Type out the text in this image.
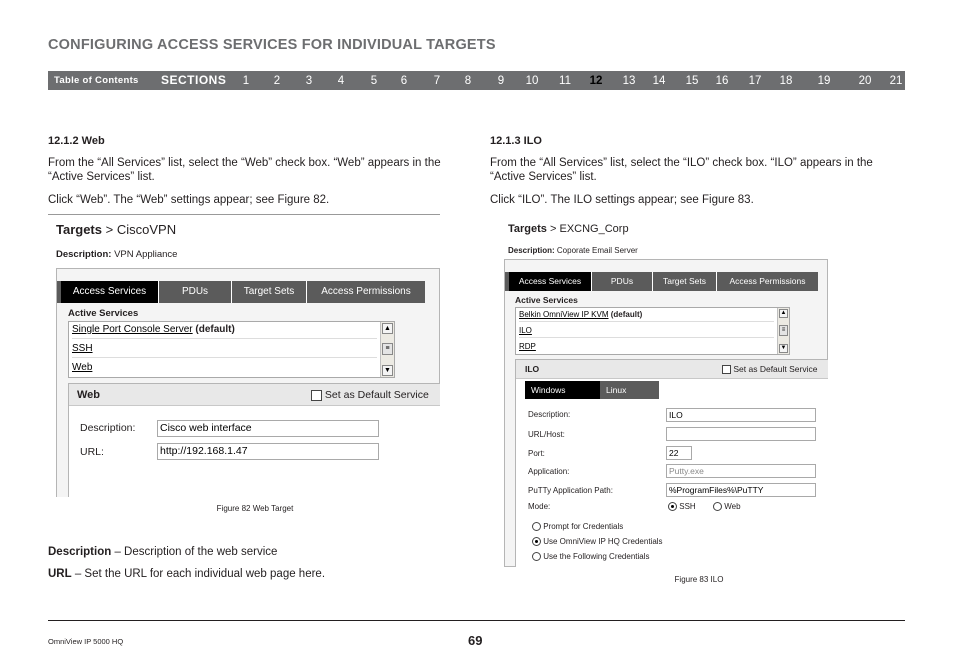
CONFIGURING ACCESS SERVICES FOR INDIVIDUAL TARGETS
Table of Contents SECTIONS 1 2 3 4 5 6 7 8 9 10 11 12 13 14 15 16 17 18 19 20 21
12.1.2 Web
From the “All Services” list, select the “Web” check box. “Web” appears in the “Active Services” list.
Click “Web”. The “Web” settings appear; see Figure 82.
Targets > CiscoVPN
Description: VPN Appliance
Access Services	PDUs	Target Sets	Access Permissions
Active Services
Single Port Console Server (default)
SSH
Web
▲
≡
▼
Web	Set as Default Service
Description: Cisco web interface
URL:	http://192.168.1.47
Figure 82 Web Target
Description – Description of the web service
URL – Set the URL for each individual web page here.
12.1.3 ILO
From the “All Services” list, select the “ILO” check box. “ILO” appears in the “Active Services” list.
Click “ILO”. The ILO settings appear; see Figure 83.
Targets > EXCNG_Corp
Description: Coporate Email Server
Access Services	PDUs	Target Sets	Access Permissions
Active Services
Belkin OmniView IP KVM (default)
ILO
RDP
▲
≡
▼
ILO	Set as Default Service
Windows	Linux
Description:	ILO
URL/Host:
Port:	22
Application:	Putty.exe
PuTTy Application Path:	%ProgramFiles%\PuTTY
Mode:	SSH	Web
Prompt for Credentials
Use OmniView IP HQ Credentials
Use the Following Credentials
Figure 83 ILO
OmniView IP 5000 HQ	69
